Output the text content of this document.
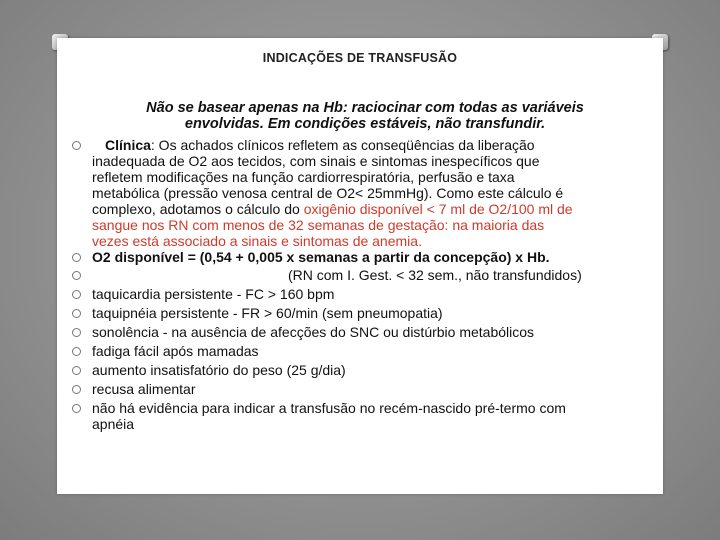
INDICAÇÕES DE TRANSFUSÃO
Não se basear apenas na Hb: raciocinar com todas as variáveis
envolvidas. Em condições estáveis, não transfundir.
Clínica: Os achados clínicos refletem as conseqüências da liberação
inadequada de O2 aos tecidos, com sinais e sintomas inespecíficos que
refletem modificações na função cardiorrespiratória, perfusão e taxa
metabólica (pressão venosa central de O2< 25mmHg). Como este cálculo é
complexo, adotamos o cálculo do oxigênio disponível < 7 ml de O2/100 ml de
sangue nos RN com menos de 32 semanas de gestação: na maioria das
vezes está associado a sinais e sintomas de anemia.
O2 disponível = (0,54 + 0,005 x semanas a partir da concepção) x Hb.
(RN com I. Gest. < 32 sem., não transfundidos)
taquicardia persistente - FC > 160 bpm
taquipnéia persistente - FR > 60/min (sem pneumopatia)
sonolência - na ausência de afecções do SNC ou distúrbio metabólicos
fadiga fácil após mamadas
aumento insatisfatório do peso (25 g/dia)
recusa alimentar
não há evidência para indicar a transfusão no recém-nascido pré-termo com
apnéia
